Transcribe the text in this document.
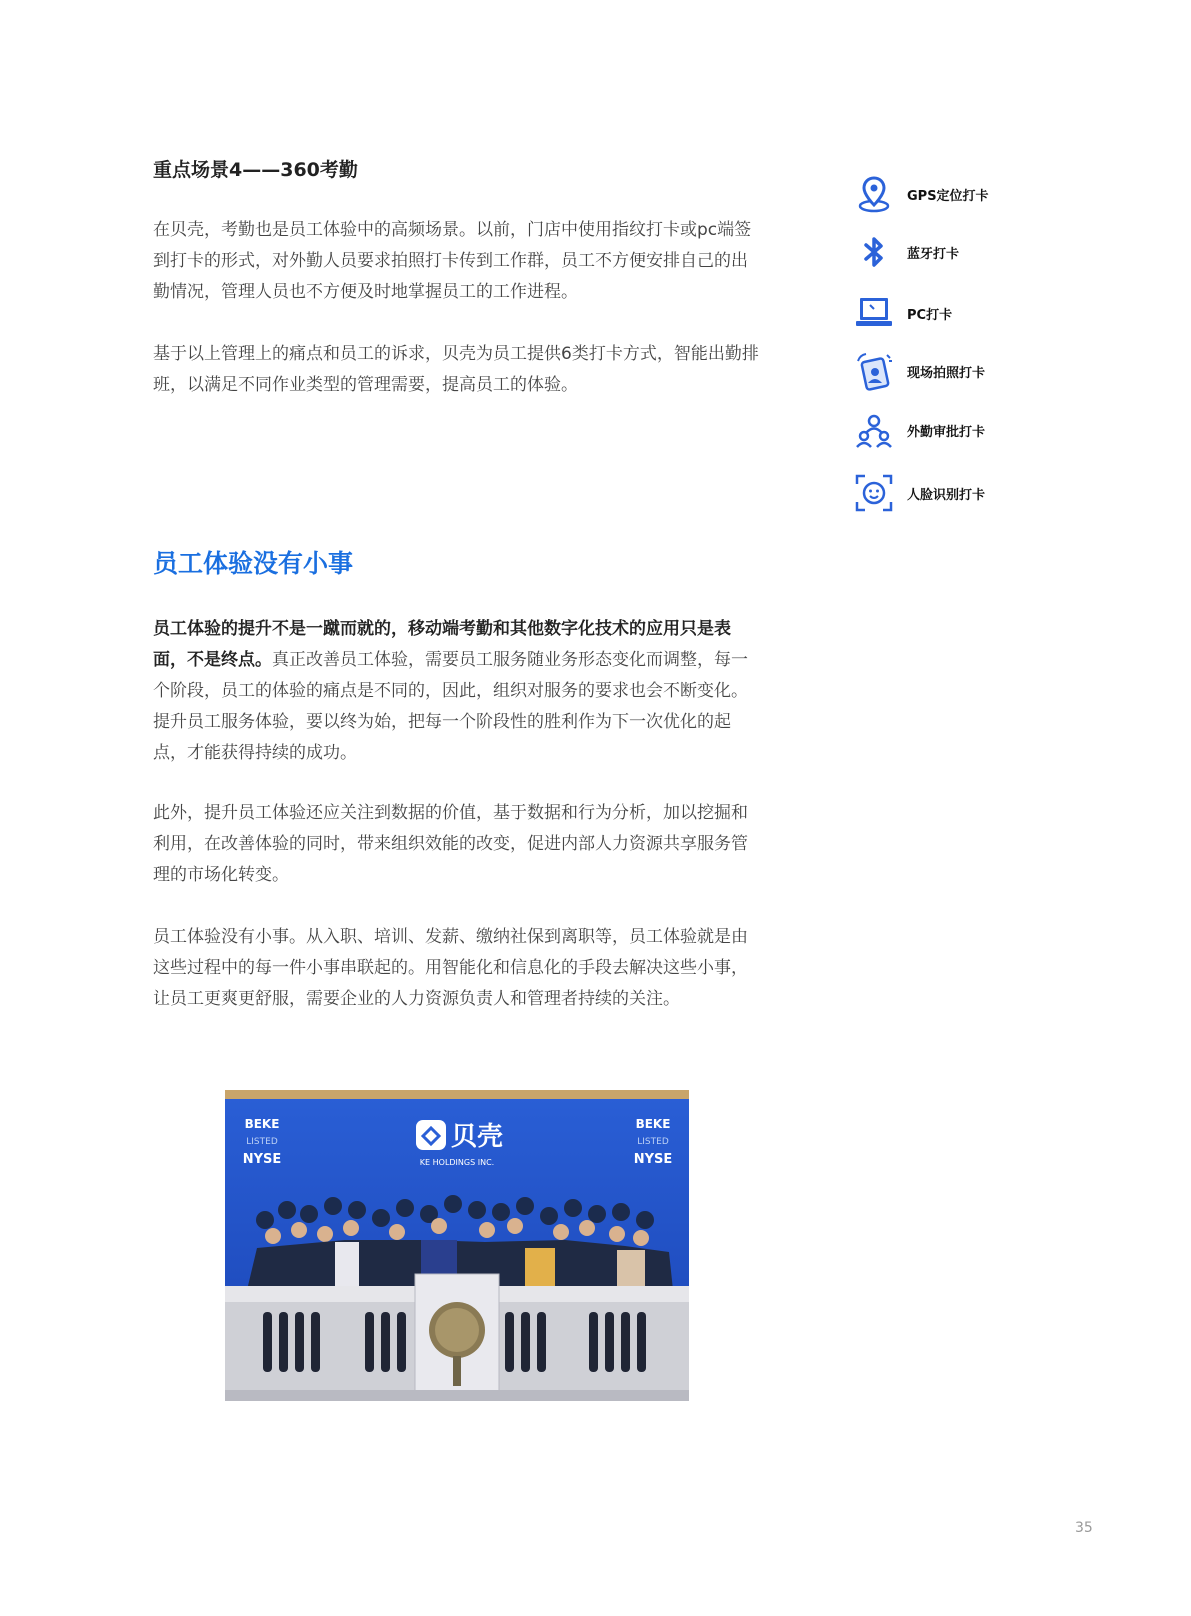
重点场景4——360考勤
在贝壳，考勤也是员工体验中的高频场景。以前，门店中使用指纹打卡或pc端签到打卡的形式，对外勤人员要求拍照打卡传到工作群，员工不方便安排自己的出勤情况，管理人员也不方便及时地掌握员工的工作进程。
基于以上管理上的痛点和员工的诉求，贝壳为员工提供6类打卡方式，智能出勤排班，以满足不同作业类型的管理需要，提高员工的体验。
GPS定位打卡
蓝牙打卡
PC打卡
现场拍照打卡
外勤审批打卡
人脸识别打卡
员工体验没有小事
员工体验的提升不是一蹴而就的，移动端考勤和其他数字化技术的应用只是表面，不是终点。真正改善员工体验，需要员工服务随业务形态变化而调整，每一个阶段，员工的体验的痛点是不同的，因此，组织对服务的要求也会不断变化。提升员工服务体验，要以终为始，把每一个阶段性的胜利作为下一次优化的起点，才能获得持续的成功。
此外，提升员工体验还应关注到数据的价值，基于数据和行为分析，加以挖掘和利用，在改善体验的同时，带来组织效能的改变，促进内部人力资源共享服务管理的市场化转变。
员工体验没有小事。从入职、培训、发薪、缴纳社保到离职等，员工体验就是由这些过程中的每一件小事串联起的。用智能化和信息化的手段去解决这些小事，让员工更爽更舒服，需要企业的人力资源负责人和管理者持续的关注。
贝壳
KE HOLDINGS INC.
BEKE
LISTED
NYSE
BEKE
LISTED
NYSE
35
